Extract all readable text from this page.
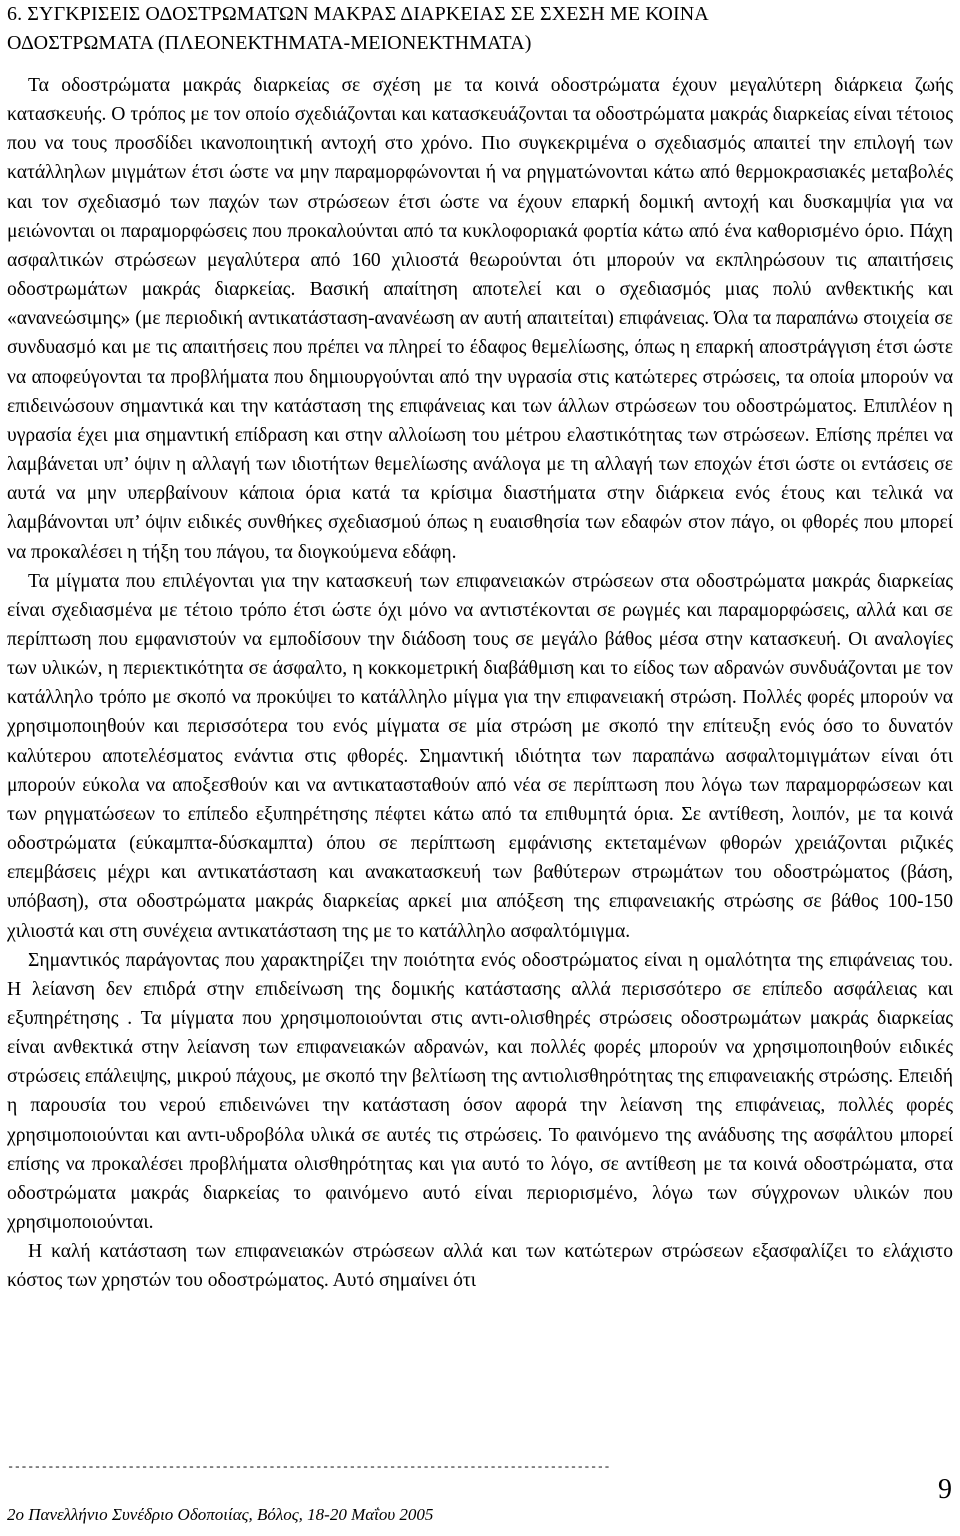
6. ΣΥΓΚΡΙΣΕΙΣ ΟΔΟΣΤΡΩΜΑΤΩΝ ΜΑΚΡΑΣ ΔΙΑΡΚΕΙΑΣ ΣΕ ΣΧΕΣΗ ΜΕ ΚΟΙΝΑ
ΟΔΟΣΤΡΩΜΑΤΑ (ΠΛΕΟΝΕΚΤΗΜΑΤΑ-ΜΕΙΟΝΕΚΤΗΜΑΤΑ)

Τα οδοστρώματα μακράς διαρκείας σε σχέση με τα κοινά οδοστρώματα έχουν μεγαλύτερη διάρκεια ζωής κατασκευής. Ο τρόπος με τον οποίο σχεδιάζονται και κατασκευάζονται τα οδοστρώματα μακράς διαρκείας είναι τέτοιος που να τους προσδίδει ικανοποιητική αντοχή στο χρόνο. Πιο συγκεκριμένα ο σχεδιασμός απαιτεί την επιλογή των κατάλληλων μιγμάτων έτσι ώστε να μην παραμορφώνονται ή να ρηγματώνονται κάτω από θερμοκρασιακές μεταβολές και τον σχεδιασμό των παχών των στρώσεων έτσι ώστε να έχουν επαρκή δομική αντοχή και δυσκαμψία για να μειώνονται οι παραμορφώσεις που προκαλούνται από τα κυκλοφοριακά φορτία κάτω από ένα καθορισμένο όριο. Πάχη ασφαλτικών στρώσεων μεγαλύτερα από 160 χιλιοστά θεωρούνται ότι μπορούν να εκπληρώσουν τις απαιτήσεις οδοστρωμάτων μακράς διαρκείας. Βασική απαίτηση αποτελεί και ο σχεδιασμός μιας πολύ ανθεκτικής και «ανανεώσιμης» (με περιοδική αντικατάσταση-ανανέωση αν αυτή απαιτείται) επιφάνειας. Όλα τα παραπάνω στοιχεία σε συνδυασμό και με τις απαιτήσεις που πρέπει να πληρεί το έδαφος θεμελίωσης, όπως η επαρκή αποστράγγιση έτσι ώστε να αποφεύγονται τα προβλήματα που δημιουργούνται από την υγρασία στις κατώτερες στρώσεις, τα οποία μπορούν να επιδεινώσουν σημαντικά και την κατάσταση της επιφάνειας και των άλλων στρώσεων του οδοστρώματος. Επιπλέον η υγρασία έχει μια σημαντική επίδραση και στην αλλοίωση του μέτρου ελαστικότητας των στρώσεων. Επίσης πρέπει να λαμβάνεται υπ’ όψιν η αλλαγή των ιδιοτήτων θεμελίωσης ανάλογα με τη αλλαγή των εποχών έτσι ώστε οι εντάσεις σε αυτά να μην υπερβαίνουν κάποια όρια κατά τα κρίσιμα διαστήματα στην διάρκεια ενός έτους και τελικά να λαμβάνονται υπ’ όψιν ειδικές συνθήκες σχεδιασμού όπως η ευαισθησία των εδαφών στον πάγο, οι φθορές που μπορεί να προκαλέσει η τήξη του πάγου, τα διογκούμενα εδάφη.

Τα μίγματα που επιλέγονται για την κατασκευή των επιφανειακών στρώσεων στα οδοστρώματα μακράς διαρκείας είναι σχεδιασμένα με τέτοιο τρόπο έτσι ώστε όχι μόνο να αντιστέκονται σε ρωγμές και παραμορφώσεις, αλλά και σε περίπτωση που εμφανιστούν να εμποδίσουν την διάδοση τους σε μεγάλο βάθος μέσα στην κατασκευή. Οι αναλογίες των υλικών, η περιεκτικότητα σε άσφαλτο, η κοκκομετρική διαβάθμιση και το είδος των αδρανών συνδυάζονται με τον κατάλληλο τρόπο με σκοπό να προκύψει το κατάλληλο μίγμα για την επιφανειακή στρώση. Πολλές φορές μπορούν να χρησιμοποιηθούν και περισσότερα του ενός μίγματα σε μία στρώση με σκοπό την επίτευξη ενός όσο το δυνατόν καλύτερου αποτελέσματος ενάντια στις φθορές. Σημαντική ιδιότητα των παραπάνω ασφαλτομιγμάτων είναι ότι μπορούν εύκολα να αποξεσθούν και να αντικατασταθούν από νέα σε περίπτωση που λόγω των παραμορφώσεων και των ρηγματώσεων το επίπεδο εξυπηρέτησης πέφτει κάτω από τα επιθυμητά όρια. Σε αντίθεση, λοιπόν, με τα κοινά οδοστρώματα (εύκαμπτα-δύσκαμπτα) όπου σε περίπτωση εμφάνισης εκτεταμένων φθορών χρειάζονται ριζικές επεμβάσεις μέχρι και αντικατάσταση και ανακατασκευή των βαθύτερων στρωμάτων του οδοστρώματος (βάση, υπόβαση), στα οδοστρώματα μακράς διαρκείας αρκεί μια απόξεση της επιφανειακής στρώσης σε βάθος 100-150 χιλιοστά και στη συνέχεια αντικατάσταση της με το κατάλληλο ασφαλτόμιγμα.

Σημαντικός παράγοντας που χαρακτηρίζει την ποιότητα ενός οδοστρώματος είναι η ομαλότητα της επιφάνειας του. Η λείανση δεν επιδρά στην επιδείνωση της δομικής κατάστασης αλλά περισσότερο σε επίπεδο ασφάλειας και εξυπηρέτησης . Τα μίγματα που χρησιμοποιούνται στις αντι-ολισθηρές στρώσεις οδοστρωμάτων μακράς διαρκείας είναι ανθεκτικά στην λείανση των επιφανειακών αδρανών, και πολλές φορές μπορούν να χρησιμοποιηθούν ειδικές στρώσεις επάλειψης, μικρού πάχους, με σκοπό την βελτίωση της αντιολισθηρότητας της επιφανειακής στρώσης. Επειδή η παρουσία του νερού επιδεινώνει την κατάσταση όσον αφορά την λείανση της επιφάνειας, πολλές φορές χρησιμοποιούνται και αντι-υδροβόλα υλικά σε αυτές τις στρώσεις. Το φαινόμενο της ανάδυσης της ασφάλτου μπορεί επίσης να προκαλέσει προβλήματα ολισθηρότητας και για αυτό το λόγο, σε αντίθεση με τα κοινά οδοστρώματα, στα οδοστρώματα μακράς διαρκείας το φαινόμενο αυτό είναι περιορισμένο, λόγω των σύγχρονων υλικών που χρησιμοποιούνται.

Η καλή κατάσταση των επιφανειακών στρώσεων αλλά και των κατώτερων στρώσεων εξασφαλίζει το ελάχιστο κόστος των χρηστών του οδοστρώματος. Αυτό σημαίνει ότι

------------------------------------------------------------------------------------------
2ο Πανελλήνιο Συνέδριο Οδοποιίας, Βόλος, 18-20 Μαΐου 2005
9
